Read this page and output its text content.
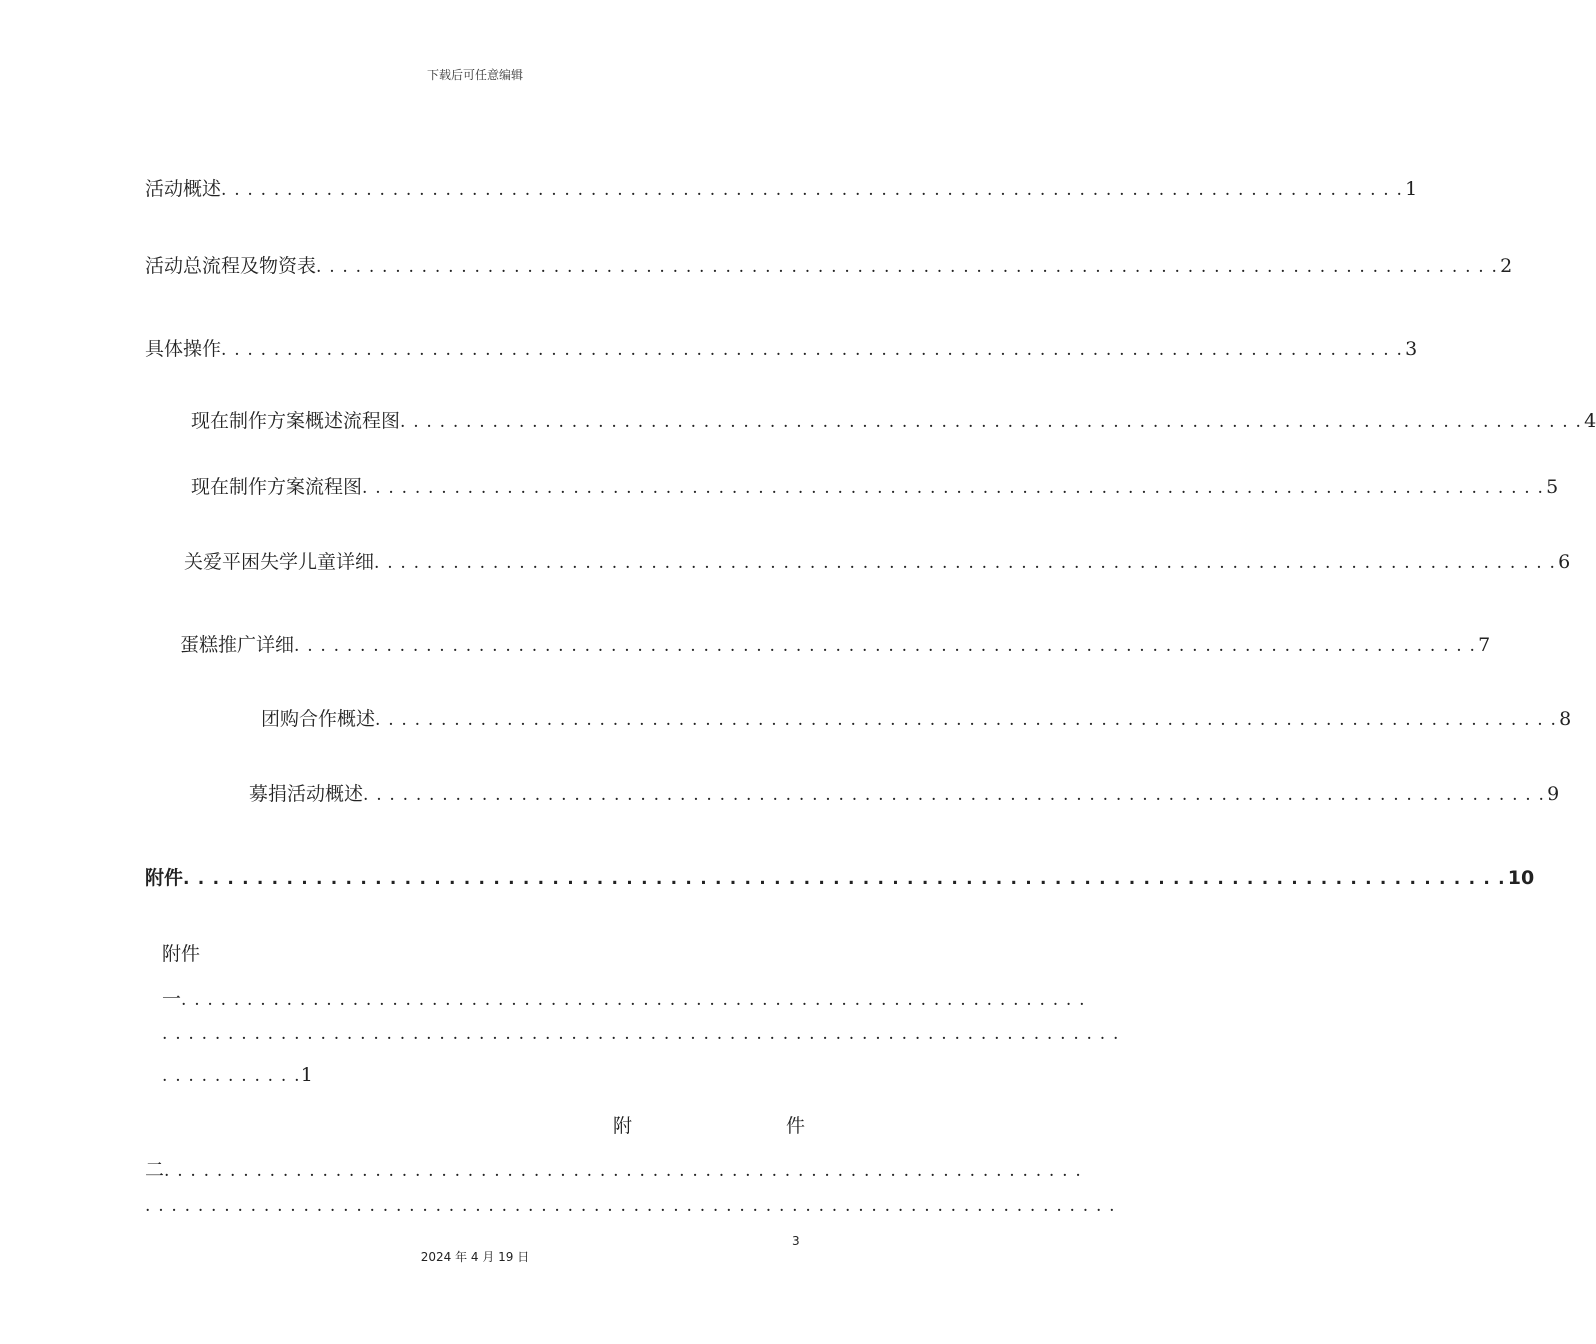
下载后可任意编辑
活动概述 . . .	1
活动总流程及物资表 . . .	2
具体操作 . . .	3
现在制作方案概述流程图 . . .	4
现在制作方案流程图 . . .	5
关爱平困失学儿童详细 . . .	6
蛋糕推广详细 . . .	7
团购合作概述 . . .	8
募捐活动概述 . . .	9
附件 . . .	10
附件
一. . . . . . . . . . . . . . . . . . . . . . . . . . . . . . . . . . . . . . . . . . . . . . . . . . . . . . . . . . . . . . . . . . . . .
. . . . . . . . . . . . . . . . . . . . . . . . . . . . . . . . . . . . . . . . . . . . . . . . . . . . . . . . . . . . . . . . . . . . . . . . .
. . . . . . . . . . .1
附	件
二. . . . . . . . . . . . . . . . . . . . . . . . . . . . . . . . . . . . . . . . . . . . . . . . . . . . . . . . . . . . . . . . . . . . . .
. . . . . . . . . . . . . . . . . . . . . . . . . . . . . . . . . . . . . . . . . . . . . . . . . . . . . . . . . . . . . . . . . . . . . . . . . .
3
2024 年 4 月 19 日
